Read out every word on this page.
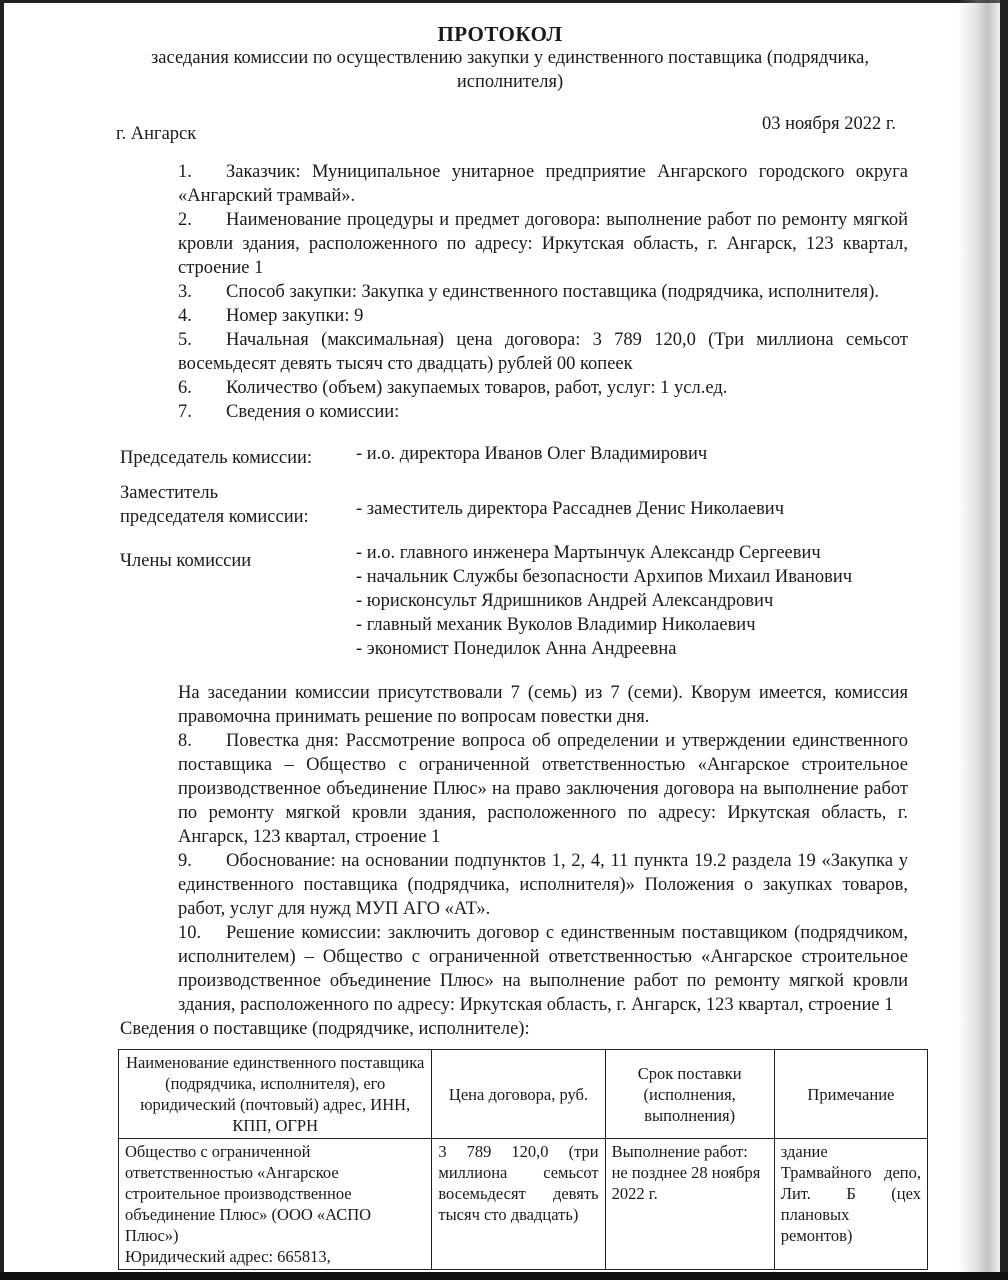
ПРОТОКОЛ
заседания комиссии по осуществлению закупки у единственного поставщика (подрядчика,
исполнителя)
г. Ангарск	03 ноября 2022 г.

1. Заказчик: Муниципальное унитарное предприятие Ангарского городского округа «Ангарский трамвай».

2. Наименование процедуры и предмет договора: выполнение работ по ремонту мягкой кровли здания, расположенного по адресу: Иркутская область, г. Ангарск, 123 квартал, строение 1

3. Способ закупки: Закупка у единственного поставщика (подрядчика, исполнителя).

4. Номер закупки: 9

5. Начальная (максимальная) цена договора: 3 789 120,0 (Три миллиона семьсот восемьдесят девять тысяч сто двадцать) рублей 00 копеек

6. Количество (объем) закупаемых товаров, работ, услуг: 1 усл.ед.

7. Сведения о комиссии:

Председатель комиссии: - и.о. директора Иванов Олег Владимирович
Заместитель
председателя комиссии:	- заместитель директора Рассаднев Денис Николаевич
Члены комиссии	- и.о. главного инженера Мартынчук Александр Сергеевич
- начальник Службы безопасности Архипов Михаил Иванович
- юрисконсульт Ядришников Андрей Александрович
- главный механик Вуколов Владимир Николаевич
- экономист Понедилок Анна Андреевна

На заседании комиссии присутствовали 7 (семь) из 7 (семи). Кворум имеется, комиссия правомочна принимать решение по вопросам повестки дня.

8. Повестка дня: Рассмотрение вопроса об определении и утверждении единственного поставщика – Общество с ограниченной ответственностью «Ангарское строительное производственное объединение Плюс» на право заключения договора на выполнение работ по ремонту мягкой кровли здания, расположенного по адресу: Иркутская область, г. Ангарск, 123 квартал, строение 1

9. Обоснование: на основании подпунктов 1, 2, 4, 11 пункта 19.2 раздела 19 «Закупка у единственного поставщика (подрядчика, исполнителя)» Положения о закупках товаров, работ, услуг для нужд МУП АГО «АТ».

10. Решение комиссии: заключить договор с единственным поставщиком (подрядчиком, исполнителем) – Общество с ограниченной ответственностью «Ангарское строительное производственное объединение Плюс» на выполнение работ по ремонту мягкой кровли здания, расположенного по адресу: Иркутская область, г. Ангарск, 123 квартал, строение 1

Сведения о поставщике (подрядчике, исполнителе):

Наименование единственного поставщика (подрядчика, исполнителя), его юридический (почтовый) адрес, ИНН, КПП, ОГРН	Цена договора, руб.	Срок поставки (исполнения, выполнения)	Примечание

Общество с ограниченной ответственностью «Ангарское строительное производственное объединение Плюс» (ООО «АСПО Плюс»)
Юридический адрес: 665813,	3 789 120,0 (три миллиона семьсот восемьдесят девять тысяч сто двадцать)	Выполнение работ: не позднее 28 ноября 2022 г.	здание Трамвайного депо, Лит. Б (цех плановых ремонтов)
